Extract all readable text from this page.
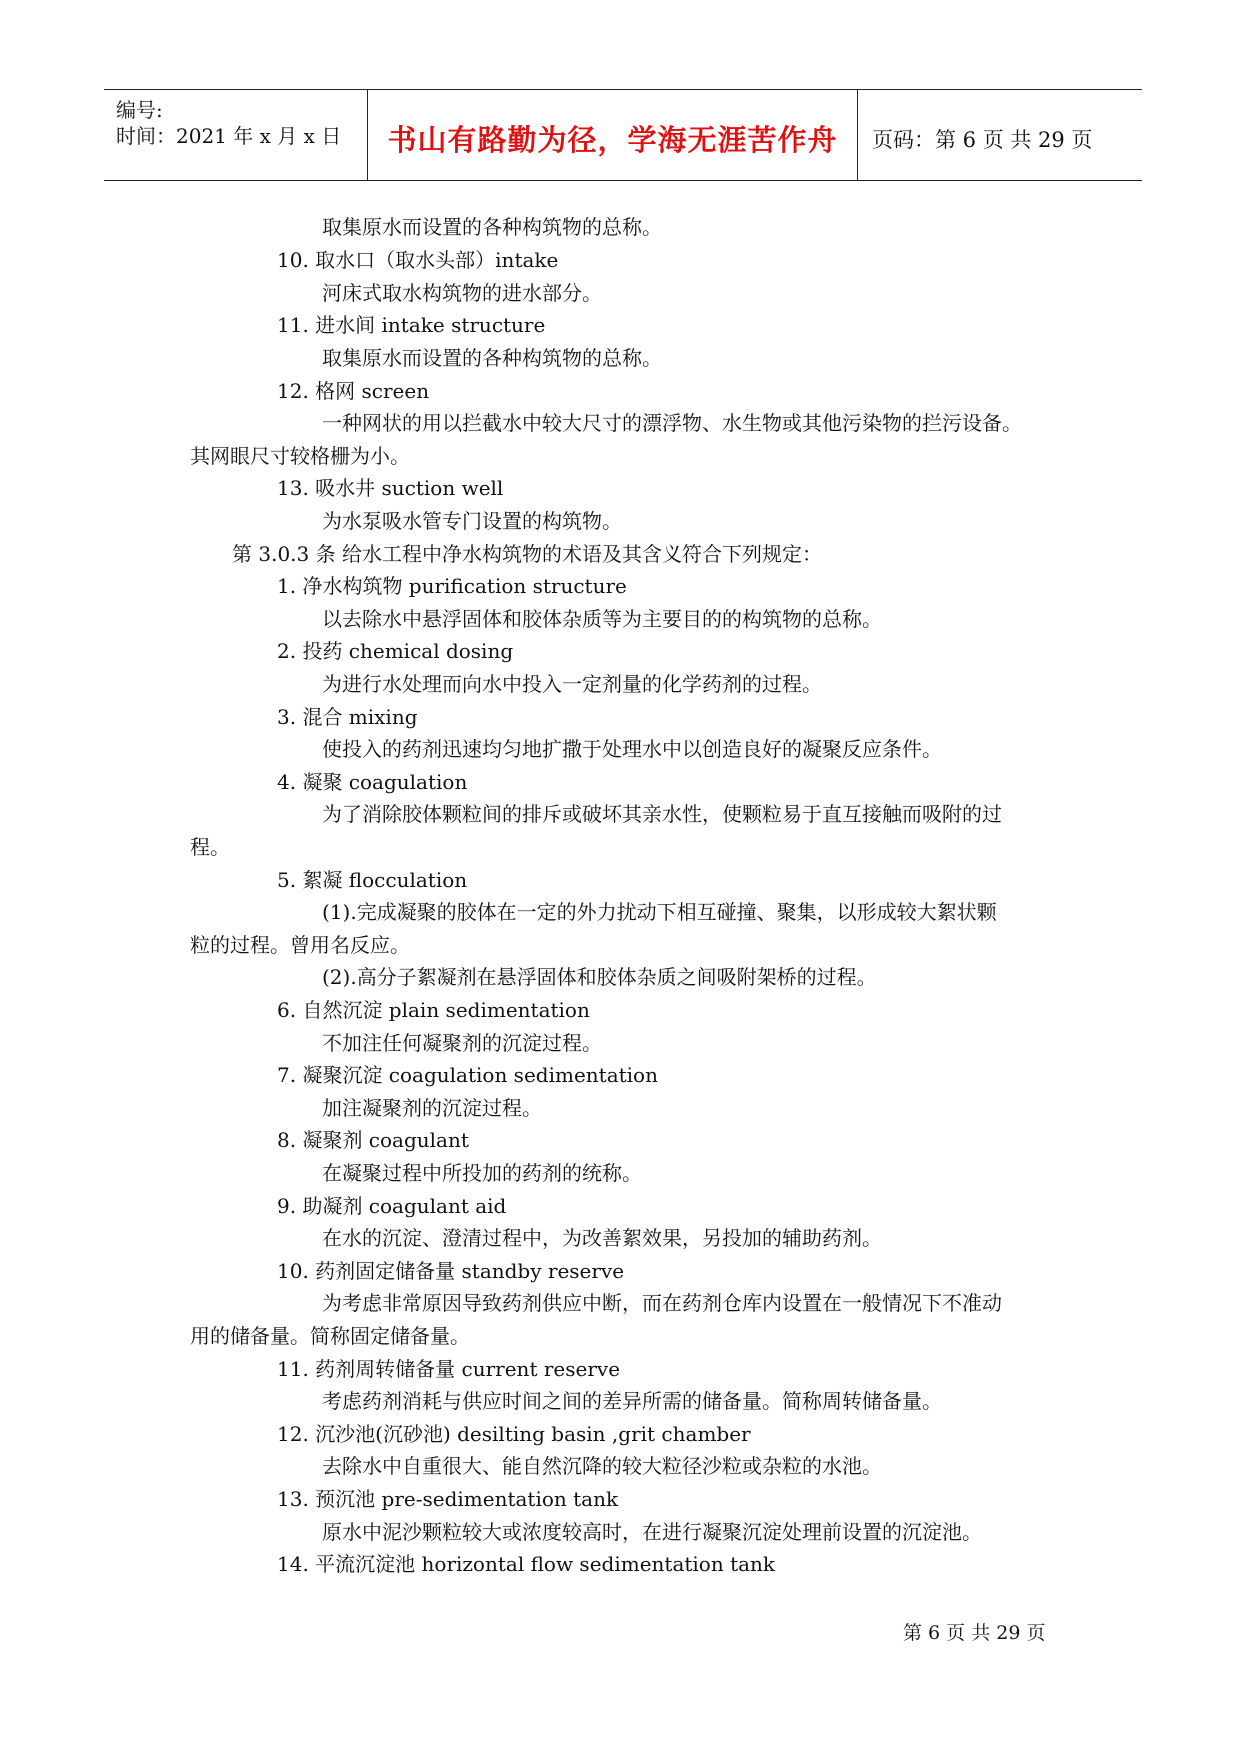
编号:
时间：2021 年 x 月 x 日	书山有路勤为径，学海无涯苦作舟	页码：第 6 页 共 29 页
取集原水而设置的各种构筑物的总称。
10. 取水口（取水头部）intake
河床式取水构筑物的进水部分。
11. 进水间 intake structure
取集原水而设置的各种构筑物的总称。
12. 格网 screen
一种网状的用以拦截水中较大尺寸的漂浮物、水生物或其他污染物的拦污设备。
其网眼尺寸较格栅为小。
13. 吸水井 suction well
为水泵吸水管专门设置的构筑物。
第 3.0.3 条 给水工程中净水构筑物的术语及其含义符合下列规定：
1. 净水构筑物 purification structure
以去除水中悬浮固体和胶体杂质等为主要目的的构筑物的总称。
2. 投药 chemical dosing
为进行水处理而向水中投入一定剂量的化学药剂的过程。
3. 混合 mixing
使投入的药剂迅速均匀地扩撒于处理水中以创造良好的凝聚反应条件。
4. 凝聚 coagulation
为了消除胶体颗粒间的排斥或破坏其亲水性，使颗粒易于直互接触而吸附的过
程。
5. 絮凝 flocculation
(1).完成凝聚的胶体在一定的外力扰动下相互碰撞、聚集，以形成较大絮状颗
粒的过程。曾用名反应。
(2).高分子絮凝剂在悬浮固体和胶体杂质之间吸附架桥的过程。
6. 自然沉淀 plain sedimentation
不加注任何凝聚剂的沉淀过程。
7. 凝聚沉淀 coagulation sedimentation
加注凝聚剂的沉淀过程。
8. 凝聚剂 coagulant
在凝聚过程中所投加的药剂的统称。
9. 助凝剂 coagulant aid
在水的沉淀、澄清过程中，为改善絮效果，另投加的辅助药剂。
10. 药剂固定储备量 standby reserve
为考虑非常原因导致药剂供应中断，而在药剂仓库内设置在一般情况下不准动
用的储备量。简称固定储备量。
11. 药剂周转储备量 current reserve
考虑药剂消耗与供应时间之间的差异所需的储备量。简称周转储备量。
12. 沉沙池(沉砂池) desilting basin ,grit chamber
去除水中自重很大、能自然沉降的较大粒径沙粒或杂粒的水池。
13. 预沉池 pre-sedimentation tank
原水中泥沙颗粒较大或浓度较高时，在进行凝聚沉淀处理前设置的沉淀池。
14. 平流沉淀池 horizontal flow sedimentation tank
第 6 页 共 29 页
